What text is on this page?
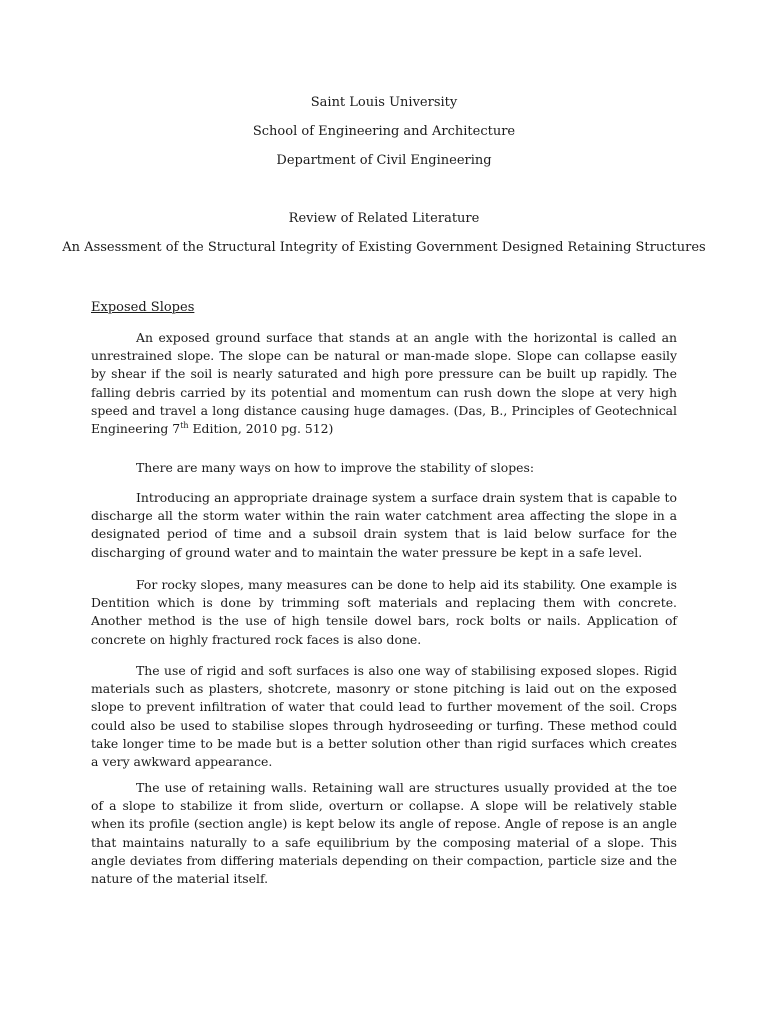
Saint Louis University
School of Engineering and Architecture
Department of Civil Engineering
Review of Related Literature
An Assessment of the Structural Integrity of Existing Government Designed Retaining Structures
Exposed Slopes

An exposed ground surface that stands at an angle with the horizontal is called an unrestrained slope. The slope can be natural or man-made slope. Slope can collapse easily by shear if the soil is nearly saturated and high pore pressure can be built up rapidly. The falling debris carried by its potential and momentum can rush down the slope at very high speed and travel a long distance causing huge damages. (Das, B., Principles of Geotechnical Engineering 7th Edition, 2010 pg. 512)

There are many ways on how to improve the stability of slopes:

Introducing an appropriate drainage system a surface drain system that is capable to discharge all the storm water within the rain water catchment area affecting the slope in a designated period of time and a subsoil drain system that is laid below surface for the discharging of ground water and to maintain the water pressure be kept in a safe level.

For rocky slopes, many measures can be done to help aid its stability. One example is Dentition which is done by trimming soft materials and replacing them with concrete. Another method is the use of high tensile dowel bars, rock bolts or nails. Application of concrete on highly fractured rock faces is also done.

The use of rigid and soft surfaces is also one way of stabilising exposed slopes. Rigid materials such as plasters, shotcrete, masonry or stone pitching is laid out on the exposed slope to prevent infiltration of water that could lead to further movement of the soil. Crops could also be used to stabilise slopes through hydroseeding or turfing. These method could take longer time to be made but is a better solution other than rigid surfaces which creates a very awkward appearance.

The use of retaining walls. Retaining wall are structures usually provided at the toe of a slope to stabilize it from slide, overturn or collapse. A slope will be relatively stable when its profile (section angle) is kept below its angle of repose. Angle of repose is an angle that maintains naturally to a safe equilibrium by the composing material of a slope. This angle deviates from differing materials depending on their compaction, particle size and the nature of the material itself.
